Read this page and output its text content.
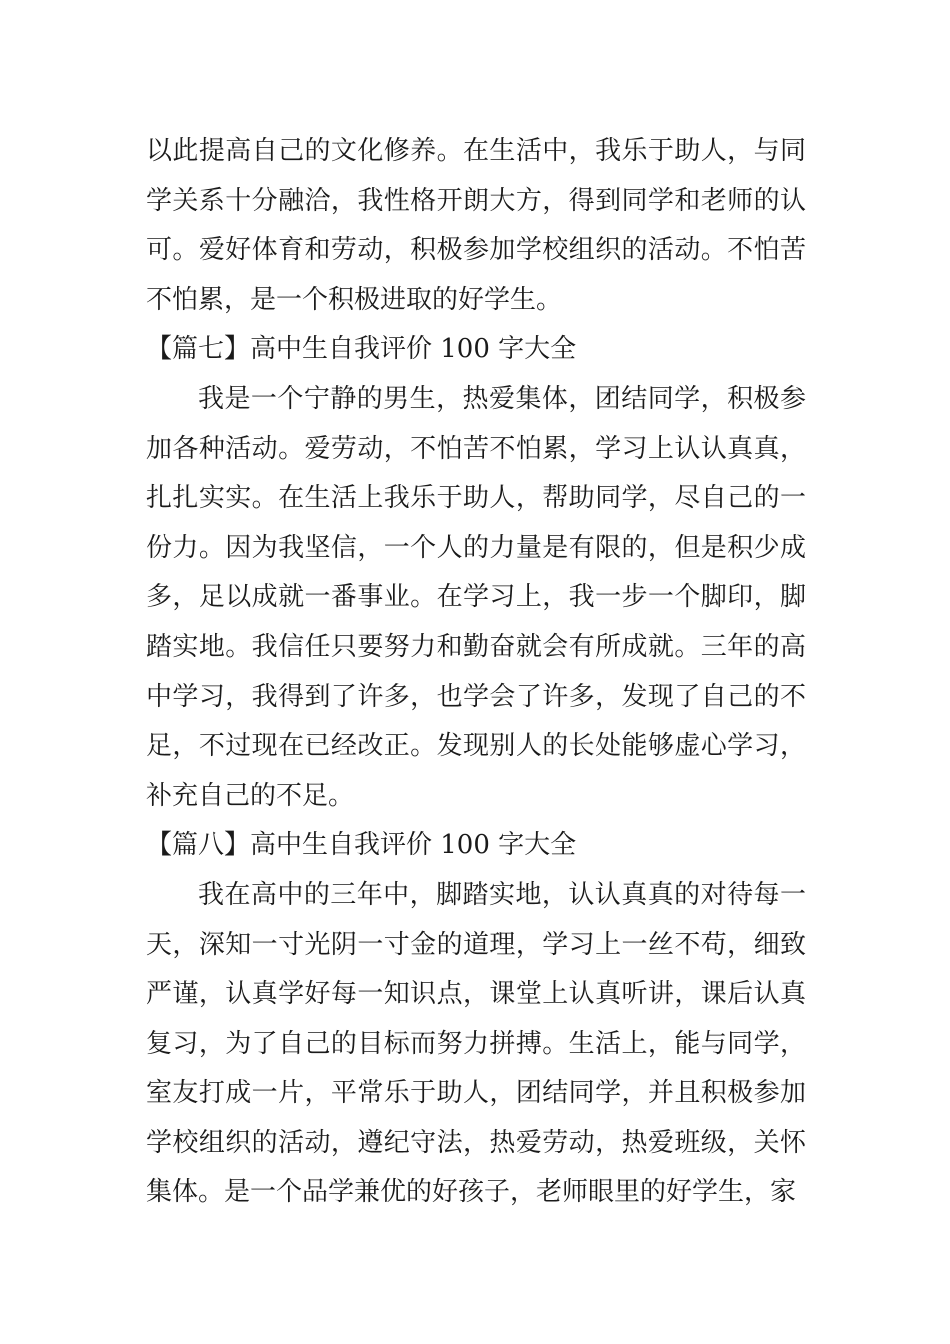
以此提高自己的文化修养。在生活中，我乐于助人，与同学关系十分融洽，我性格开朗大方，得到同学和老师的认可。爱好体育和劳动，积极参加学校组织的活动。不怕苦不怕累，是一个积极进取的好学生。

【篇七】高中生自我评价 100 字大全

我是一个宁静的男生，热爱集体，团结同学，积极参加各种活动。爱劳动，不怕苦不怕累，学习上认认真真，扎扎实实。在生活上我乐于助人，帮助同学，尽自己的一份力。因为我坚信，一个人的力量是有限的，但是积少成多，足以成就一番事业。在学习上，我一步一个脚印，脚踏实地。我信任只要努力和勤奋就会有所成就。三年的高中学习，我得到了许多，也学会了许多，发现了自己的不足，不过现在已经改正。发现别人的长处能够虚心学习，补充自己的不足。

【篇八】高中生自我评价 100 字大全

我在高中的三年中，脚踏实地，认认真真的对待每一天，深知一寸光阴一寸金的道理，学习上一丝不苟，细致严谨，认真学好每一知识点，课堂上认真听讲，课后认真复习，为了自己的目标而努力拼搏。生活上，能与同学，室友打成一片，平常乐于助人，团结同学，并且积极参加学校组织的活动，遵纪守法，热爱劳动，热爱班级，关怀集体。是一个品学兼优的好孩子，老师眼里的好学生，家
